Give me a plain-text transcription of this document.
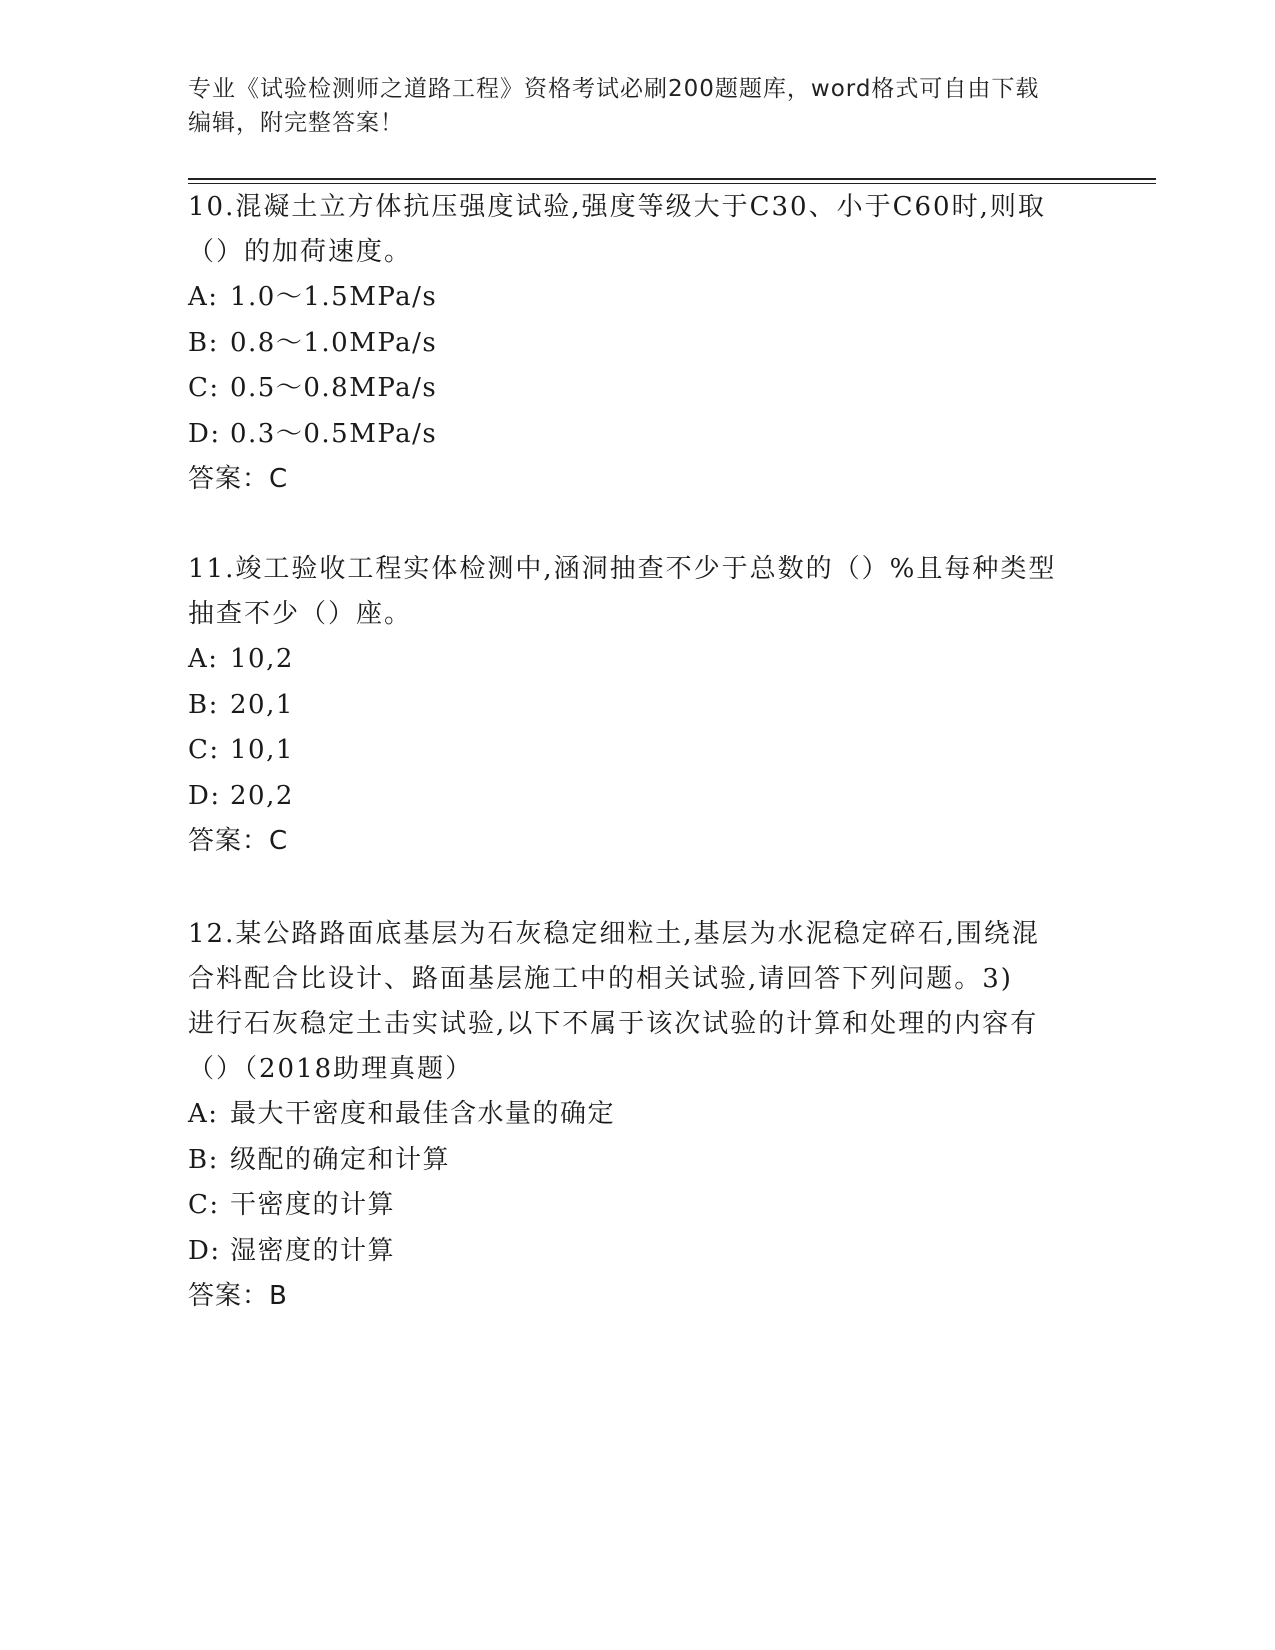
专业《试验检测师之道路工程》资格考试必刷200题题库，word格式可自由下载
编辑，附完整答案！
10.混凝土立方体抗压强度试验,强度等级大于C30、小于C60时,则取
（）的加荷速度。
A: 1.0～1.5MPa/s
B: 0.8～1.0MPa/s
C: 0.5～0.8MPa/s
D: 0.3～0.5MPa/s
答案：C
11.竣工验收工程实体检测中,涵洞抽查不少于总数的（）%且每种类型
抽查不少（）座。
A: 10,2
B: 20,1
C: 10,1
D: 20,2
答案：C
12.某公路路面底基层为石灰稳定细粒土,基层为水泥稳定碎石,围绕混
合料配合比设计、路面基层施工中的相关试验,请回答下列问题。3)
进行石灰稳定土击实试验,以下不属于该次试验的计算和处理的内容有
（）（2018助理真题）
A: 最大干密度和最佳含水量的确定
B: 级配的确定和计算
C: 干密度的计算
D: 湿密度的计算
答案：B
